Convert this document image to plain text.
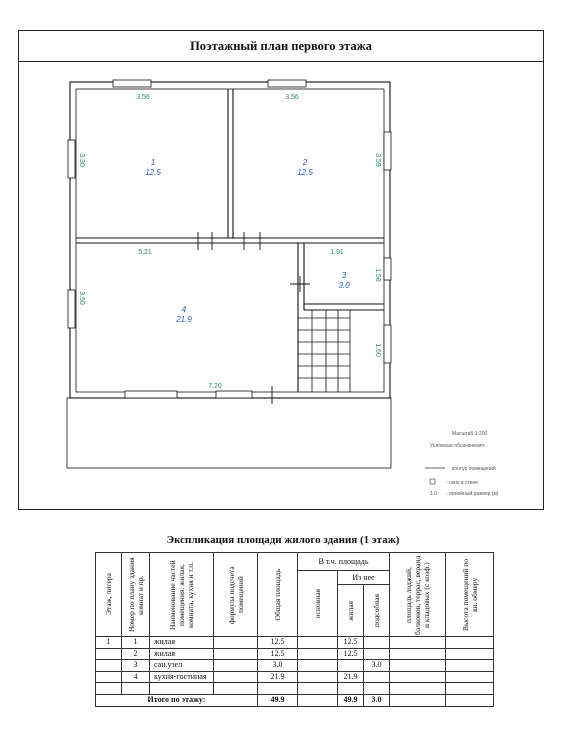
Поэтажный план первого этажа
3.56	3.56
3.30	3.59
5.21	1.91
1.58
3.50
1.60
7.20
1
12.5
2
12.5
3
3.0
4
21.9
Масштаб 1:200
Условные обозначения:
контур помещений
- окно в стене
1.0 - линейный размер (м)
Экспликация площади жилого здания (1 этаж)
Этаж, литера	Номер по плану здания комнат и пр.	Наименование частей помещения: жилая, комната, кухня и т.п.	формула подсчета помещений	Общая площадь	В т.ч. площадь			площадь лоджий, балконов, террас, веранд и кладовых (с коэф.)	Высота помещений по вн. обмеру

					основная	Из нее			

						жилая	подсобная		

1	1	жилая		12.5		12.5			
	2	жилая		12.5		12.5			
	3	сан.узел		3.0			3.0		
	4	кухня-гостиная		21.9		21.9			

Итого по этажу:				49.9		49.9	3.0		
